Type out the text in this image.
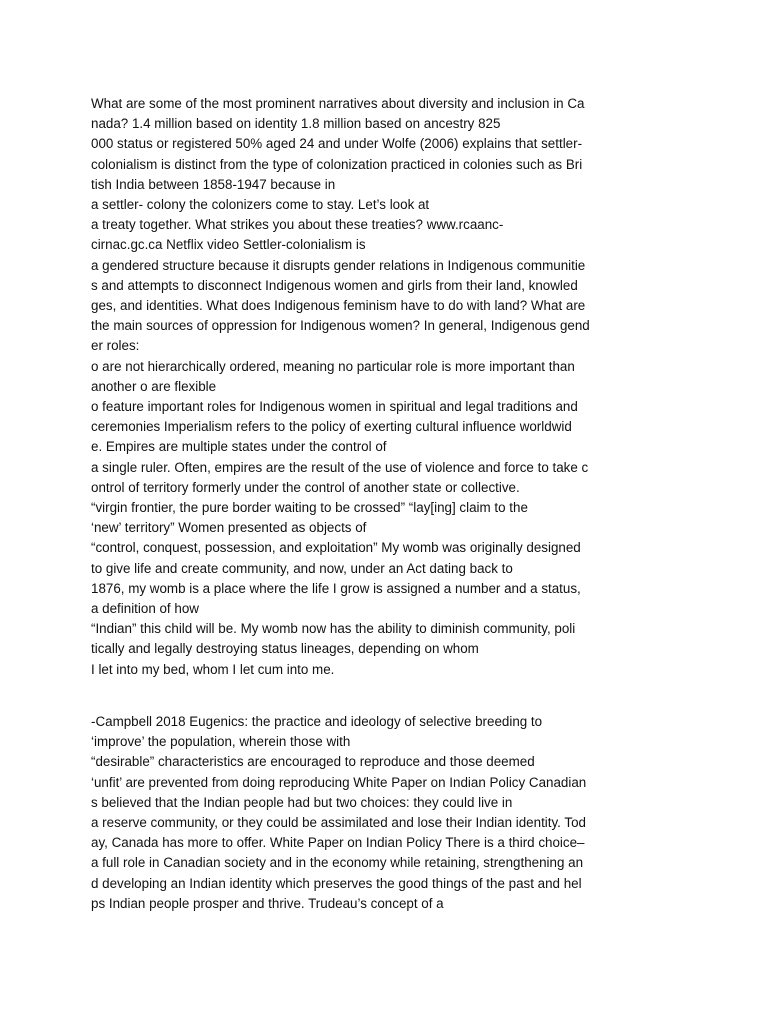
What are some of the most prominent narratives about diversity and inclusion in Ca
nada? 1.4 million based on identity 1.8 million based on ancestry 825
000 status or registered 50% aged 24 and under Wolfe (2006) explains that settler-
colonialism is distinct from the type of colonization practiced in colonies such as Bri
tish India between 1858-1947 because in
a settler- colony the colonizers come to stay. Let’s look at
a treaty together. What strikes you about these treaties? www.rcaanc-
cirnac.gc.ca Netflix video Settler-colonialism is
a gendered structure because it disrupts gender relations in Indigenous communitie
s and attempts to disconnect Indigenous women and girls from their land, knowled
ges, and identities. What does Indigenous feminism have to do with land? What are
the main sources of oppression for Indigenous women? In general, Indigenous gend
er roles:
o are not hierarchically ordered, meaning no particular role is more important than
another o are flexible
o feature important roles for Indigenous women in spiritual and legal traditions and
ceremonies Imperialism refers to the policy of exerting cultural influence worldwid
e. Empires are multiple states under the control of
a single ruler. Often, empires are the result of the use of violence and force to take c
ontrol of territory formerly under the control of another state or collective.
“virgin frontier, the pure border waiting to be crossed” “lay[ing] claim to the
‘new’ territory” Women presented as objects of
“control, conquest, possession, and exploitation” My womb was originally designed
to give life and create community, and now, under an Act dating back to
1876, my womb is a place where the life I grow is assigned a number and a status,
a definition of how
“Indian” this child will be. My womb now has the ability to diminish community, poli
tically and legally destroying status lineages, depending on whom
I let into my bed, whom I let cum into me.
-Campbell 2018 Eugenics: the practice and ideology of selective breeding to
‘improve’ the population, wherein those with
“desirable” characteristics are encouraged to reproduce and those deemed
‘unfit’ are prevented from doing reproducing White Paper on Indian Policy Canadian
s believed that the Indian people had but two choices: they could live in
a reserve community, or they could be assimilated and lose their Indian identity. Tod
ay, Canada has more to offer. White Paper on Indian Policy There is a third choice–
a full role in Canadian society and in the economy while retaining, strengthening an
d developing an Indian identity which preserves the good things of the past and hel
ps Indian people prosper and thrive. Trudeau’s concept of a
